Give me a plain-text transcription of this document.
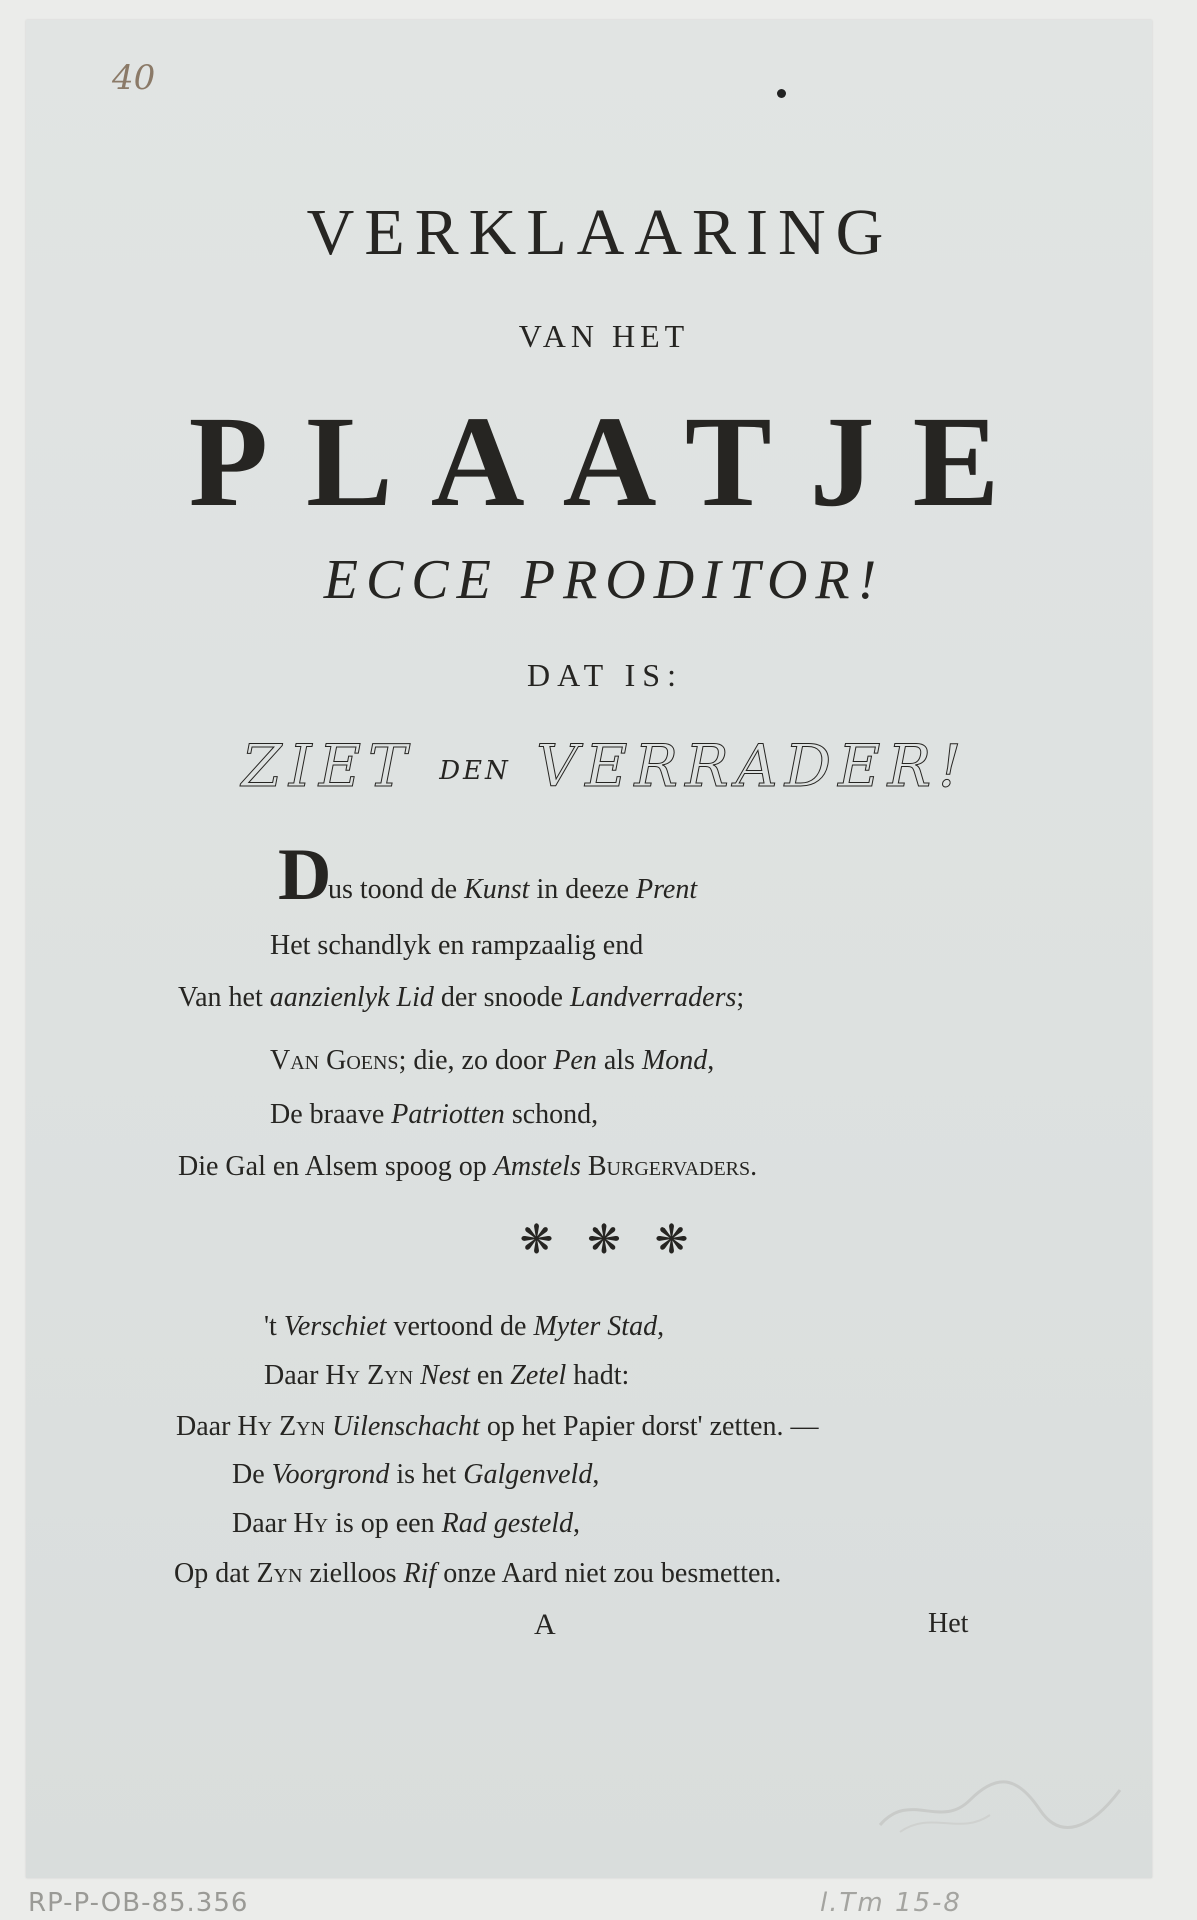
40
VERKLAARING
VAN HET
PLAATJE
ECCE PRODITOR!
DAT IS:
ZIET DEN VERRADER!
D
us toond de Kunst in deeze Prent
Het schandlyk en rampzaalig end
Van het aanzienlyk Lid der snoode Landverraders;
Van Goens; die, zo door Pen als Mond,
De braave Patriotten schond,
Die Gal en Alsem spoog op Amstels Burgervaders.
❋❋❋
't Verschiet vertoond de Myter Stad,
Daar Hy Zyn Nest en Zetel hadt:
Daar Hy Zyn Uilenschacht op het Papier dorst' zetten. —
De Voorgrond is het Galgenveld,
Daar Hy is op een Rad gesteld,
Op dat Zyn zielloos Rif onze Aard niet zou besmetten.
A	Het
RP-P-OB-85.356	l.Tm 15-8
